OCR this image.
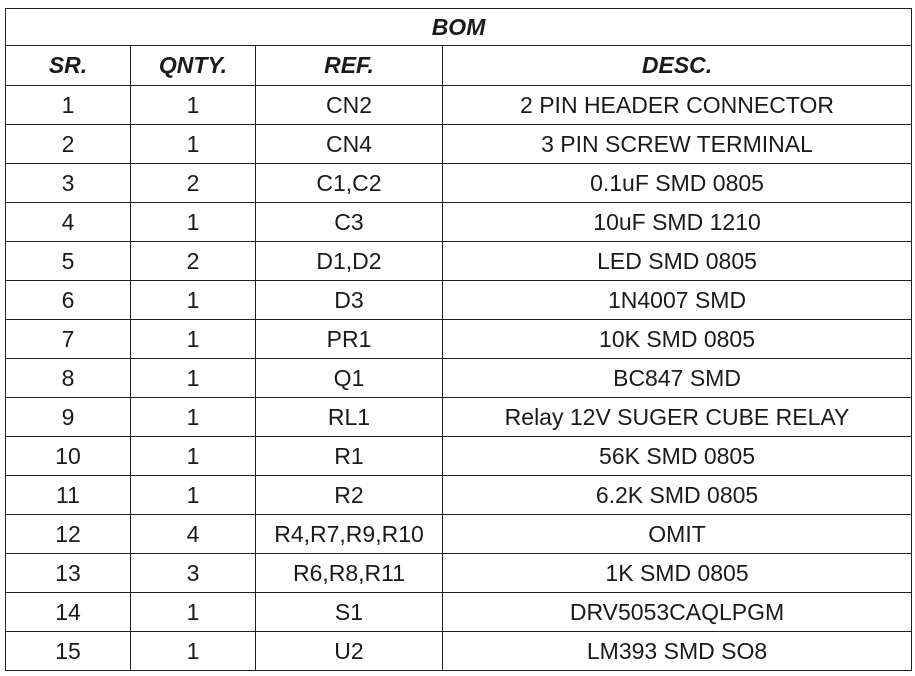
BOM			
SR.	QNTY.	REF.	DESC.
1	1	CN2	2 PIN HEADER CONNECTOR
2	1	CN4	3 PIN SCREW TERMINAL
3	2	C1,C2	0.1uF SMD 0805
4	1	C3	10uF SMD 1210
5	2	D1,D2	LED SMD 0805
6	1	D3	1N4007 SMD
7	1	PR1	10K SMD 0805
8	1	Q1	BC847 SMD
9	1	RL1	Relay 12V SUGER CUBE RELAY
10	1	R1	56K SMD 0805
11	1	R2	6.2K SMD 0805
12	4	R4,R7,R9,R10	OMIT
13	3	R6,R8,R11	1K SMD 0805
14	1	S1	DRV5053CAQLPGM
15	1	U2	LM393 SMD SO8
